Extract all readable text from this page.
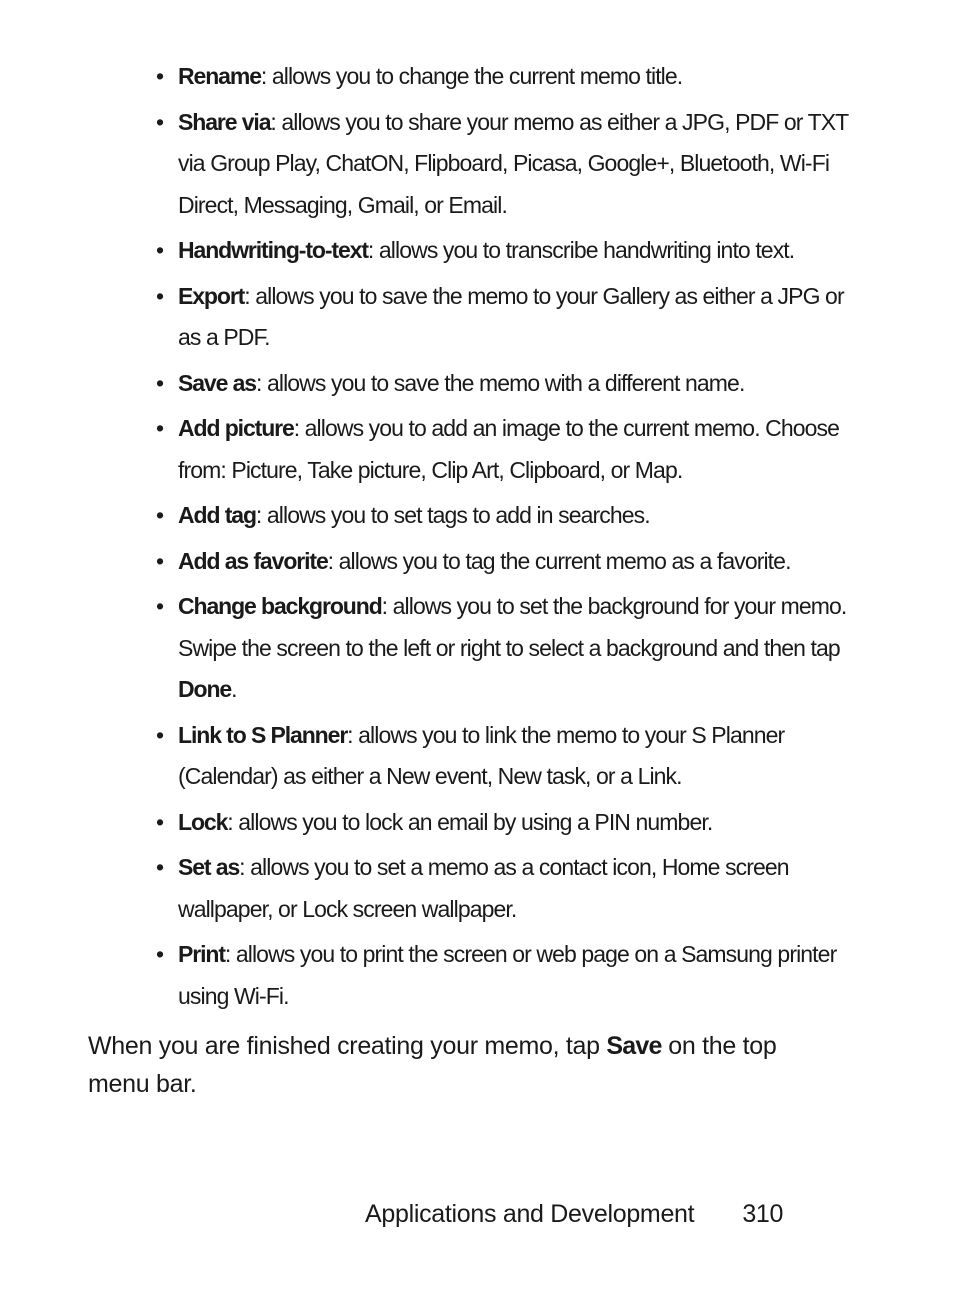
• Rename: allows you to change the current memo title.
• Share via: allows you to share your memo as either a JPG, PDF or TXT via Group Play, ChatON, Flipboard, Picasa, Google+, Bluetooth, Wi-Fi Direct, Messaging, Gmail, or Email.
• Handwriting-to-text: allows you to transcribe handwriting into text.
• Export: allows you to save the memo to your Gallery as either a JPG or as a PDF.
• Save as: allows you to save the memo with a different name.
• Add picture: allows you to add an image to the current memo. Choose from: Picture, Take picture, Clip Art, Clipboard, or Map.
• Add tag: allows you to set tags to add in searches.
• Add as favorite: allows you to tag the current memo as a favorite.
• Change background: allows you to set the background for your memo. Swipe the screen to the left or right to select a background and then tap Done.
• Link to S Planner: allows you to link the memo to your S Planner (Calendar) as either a New event, New task, or a Link.
• Lock: allows you to lock an email by using a PIN number.
• Set as: allows you to set a memo as a contact icon, Home screen wallpaper, or Lock screen wallpaper.
• Print: allows you to print the screen or web page on a Samsung printer using Wi-Fi.

When you are finished creating your memo, tap Save on the top menu bar.

Applications and Development 310
